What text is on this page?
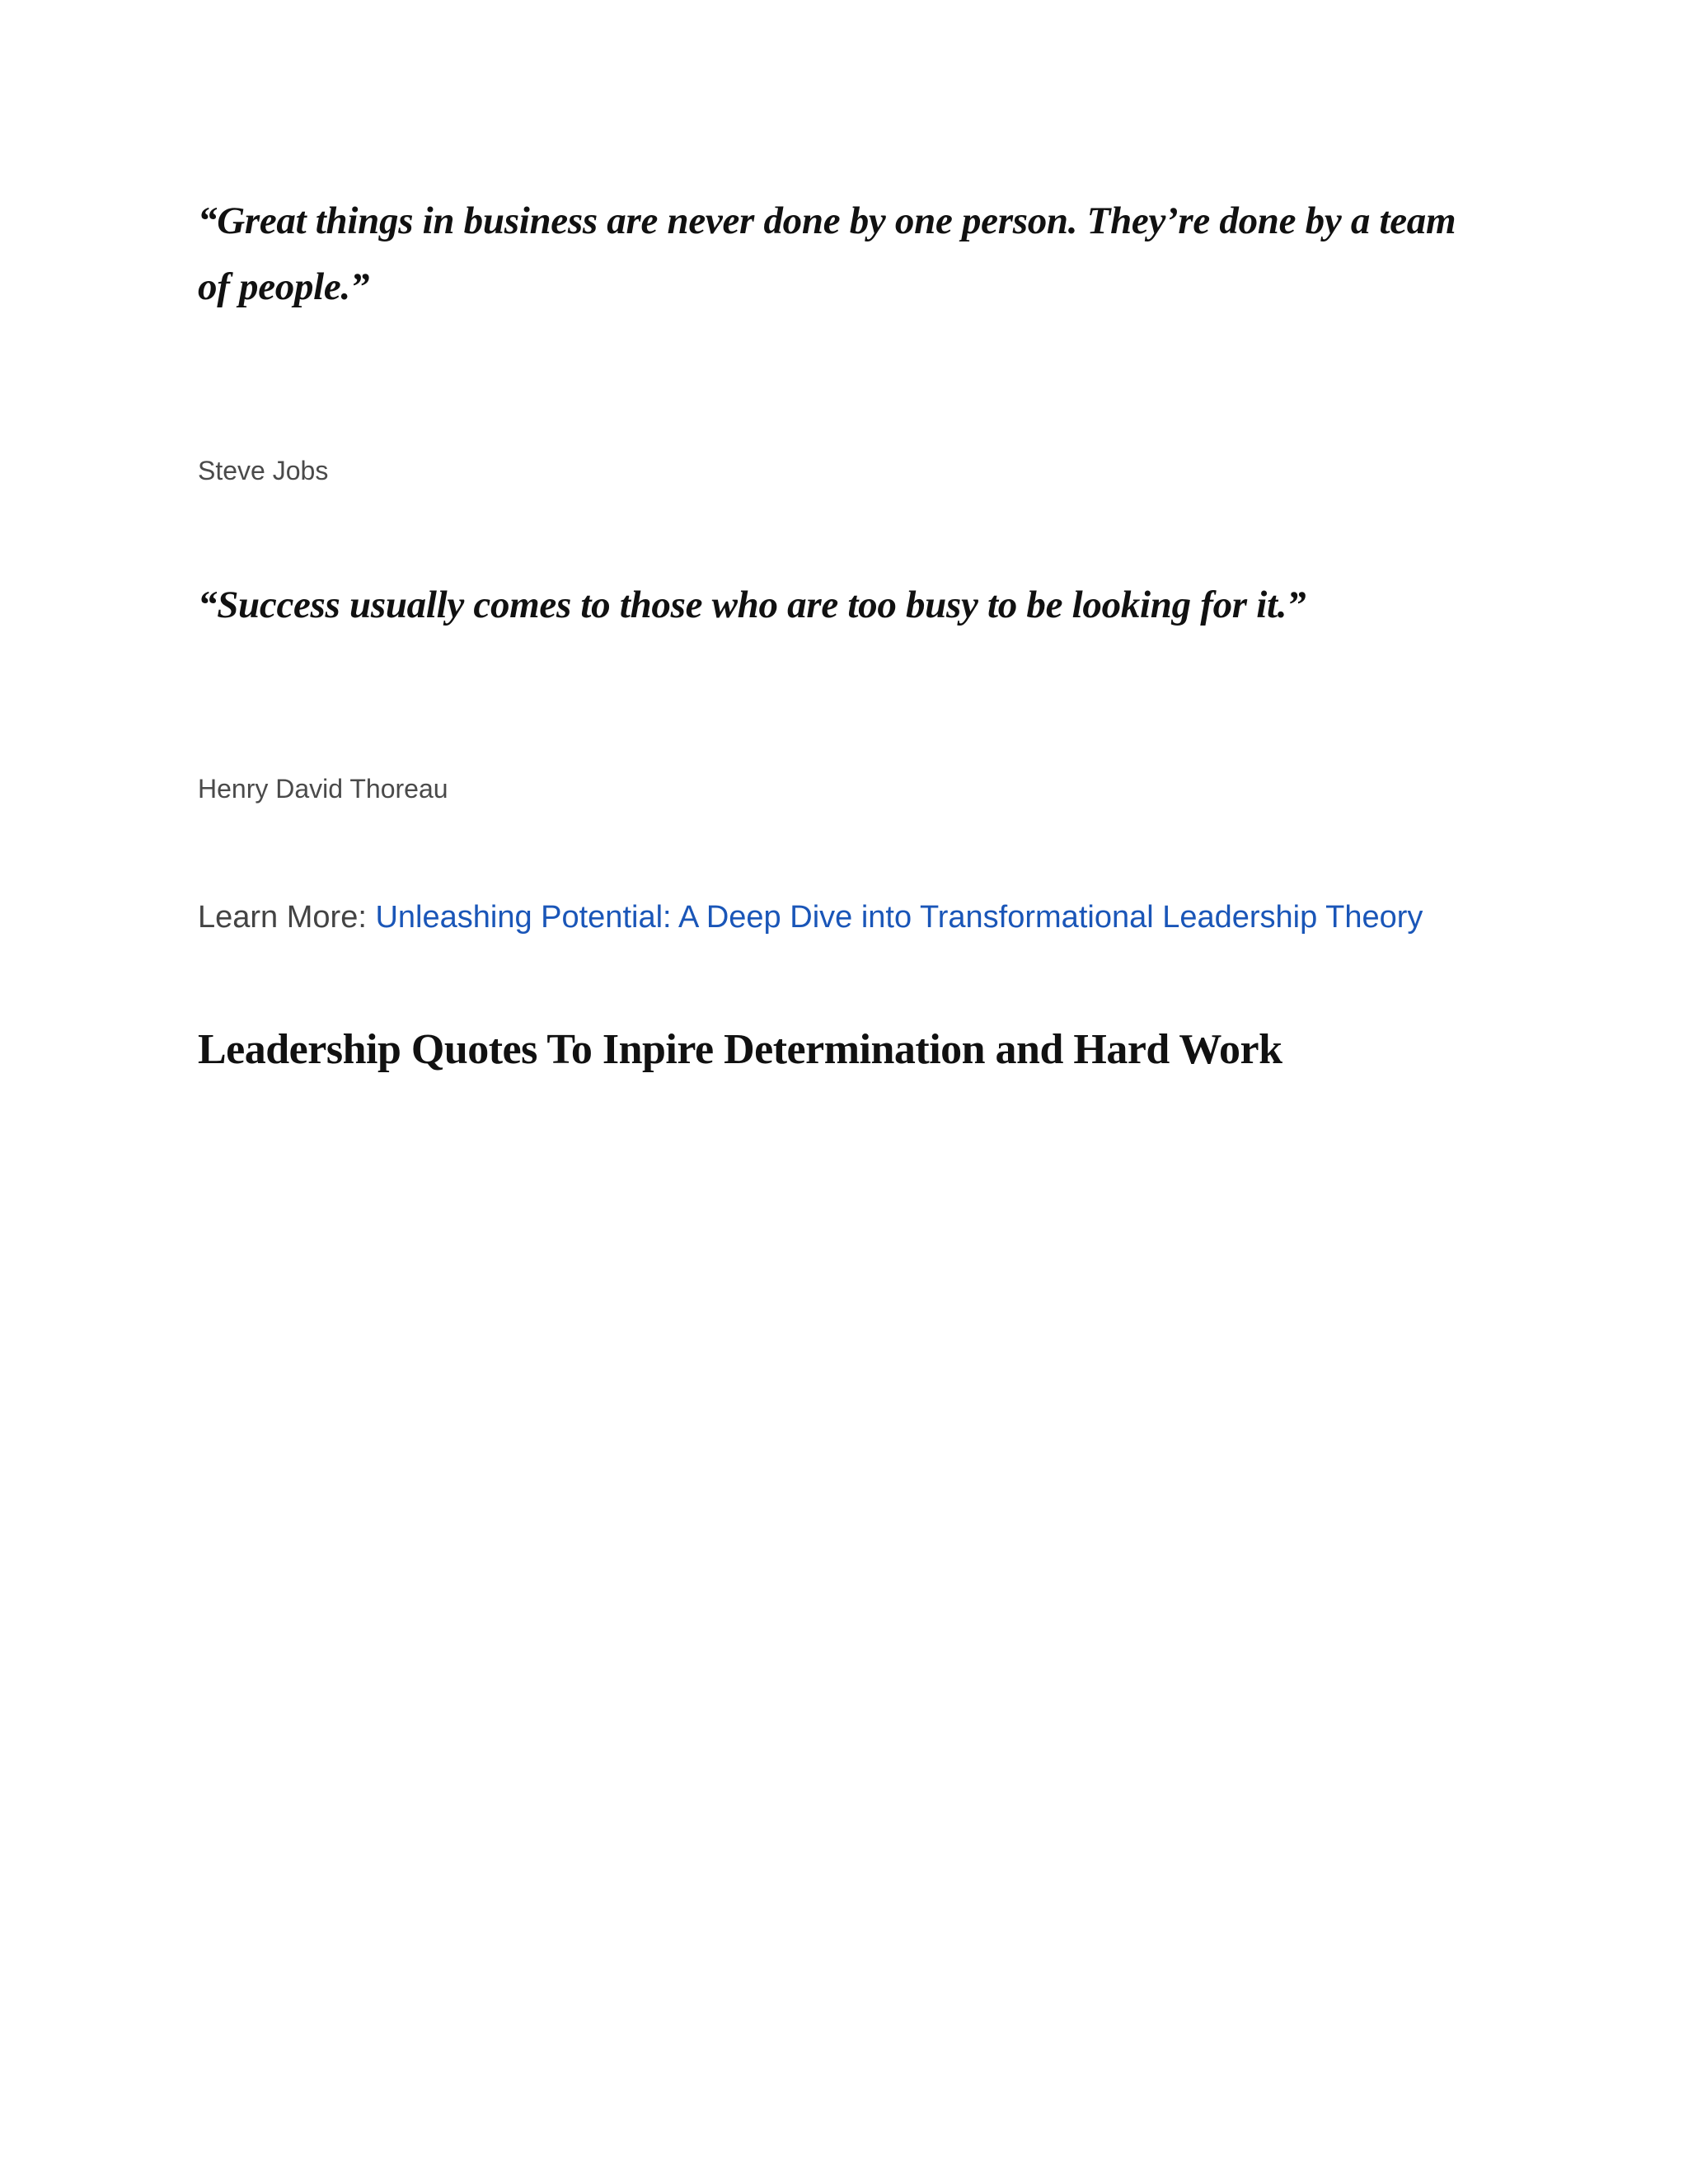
“Great things in business are never done by one person. They’re done by a team of people.”

Steve Jobs

“Success usually comes to those who are too busy to be looking for it.”

Henry David Thoreau

Learn More: Unleashing Potential: A Deep Dive into Transformational Leadership Theory

Leadership Quotes To Inpire Determination and Hard Work
